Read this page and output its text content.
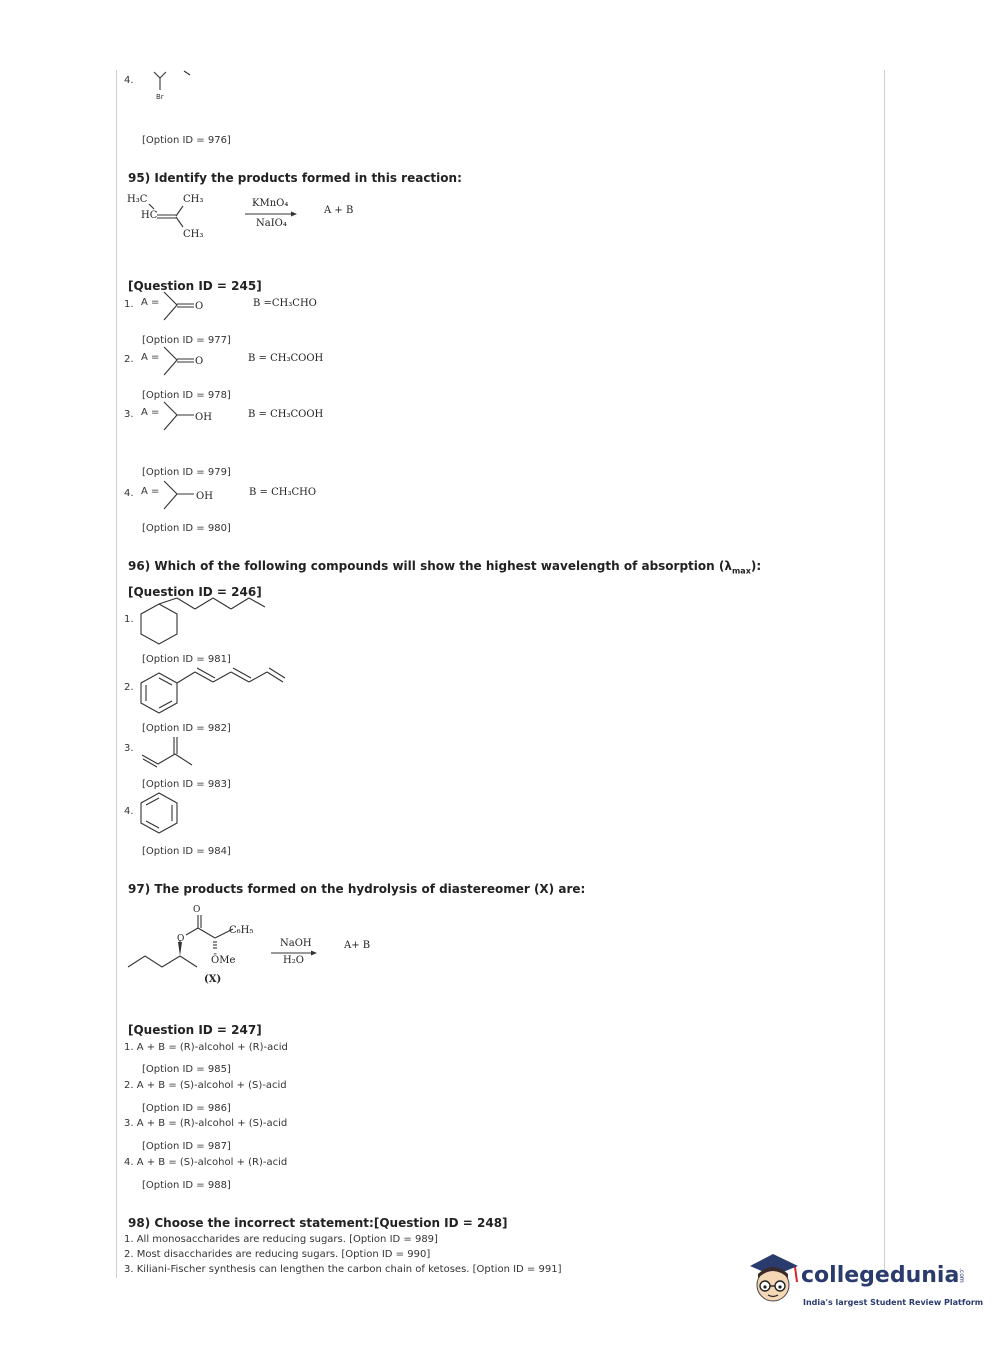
4.
Br
[Option ID = 976]
95) Identify the products formed in this reaction:
H₃C	CH₃
HC
CH₃
KMnO₄
NaIO₄
A + B
[Question ID = 245]
1. A =	O	B =CH₃CHO
[Option ID = 977]
2. A =	O	B = CH₃COOH
[Option ID = 978]
3. A =	OH	B = CH₃COOH
[Option ID = 979]
4. A =	OH	B = CH₃CHO
[Option ID = 980]
96) Which of the following compounds will show the highest wavelength of absorption $(\lambda_{max})$:
[Question ID = 246]
1.
[Option ID = 981]
2.
[Option ID = 982]
3.
[Option ID = 983]
4.
[Option ID = 984]
97) The products formed on the hydrolysis of diastereomer (X) are:
O
O
C₆H₅
ŌMe
(X)
NaOH
H₂O
A+ B
[Question ID = 247]
1. A + B = (R)-alcohol + (R)-acid
[Option ID = 985]
2. A + B = (S)-alcohol + (S)-acid
[Option ID = 986]
3. A + B = (R)-alcohol + (S)-acid
[Option ID = 987]
4. A + B = (S)-alcohol + (R)-acid
[Option ID = 988]
98) Choose the incorrect statement:[Question ID = 248]
1. All monosaccharides are reducing sugars. [Option ID = 989]
2. Most disaccharides are reducing sugars. [Option ID = 990]
3. Kiliani-Fischer synthesis can lengthen the carbon chain of ketoses. [Option ID = 991]	collegedunia
.com
India's largest Student Review Platform
